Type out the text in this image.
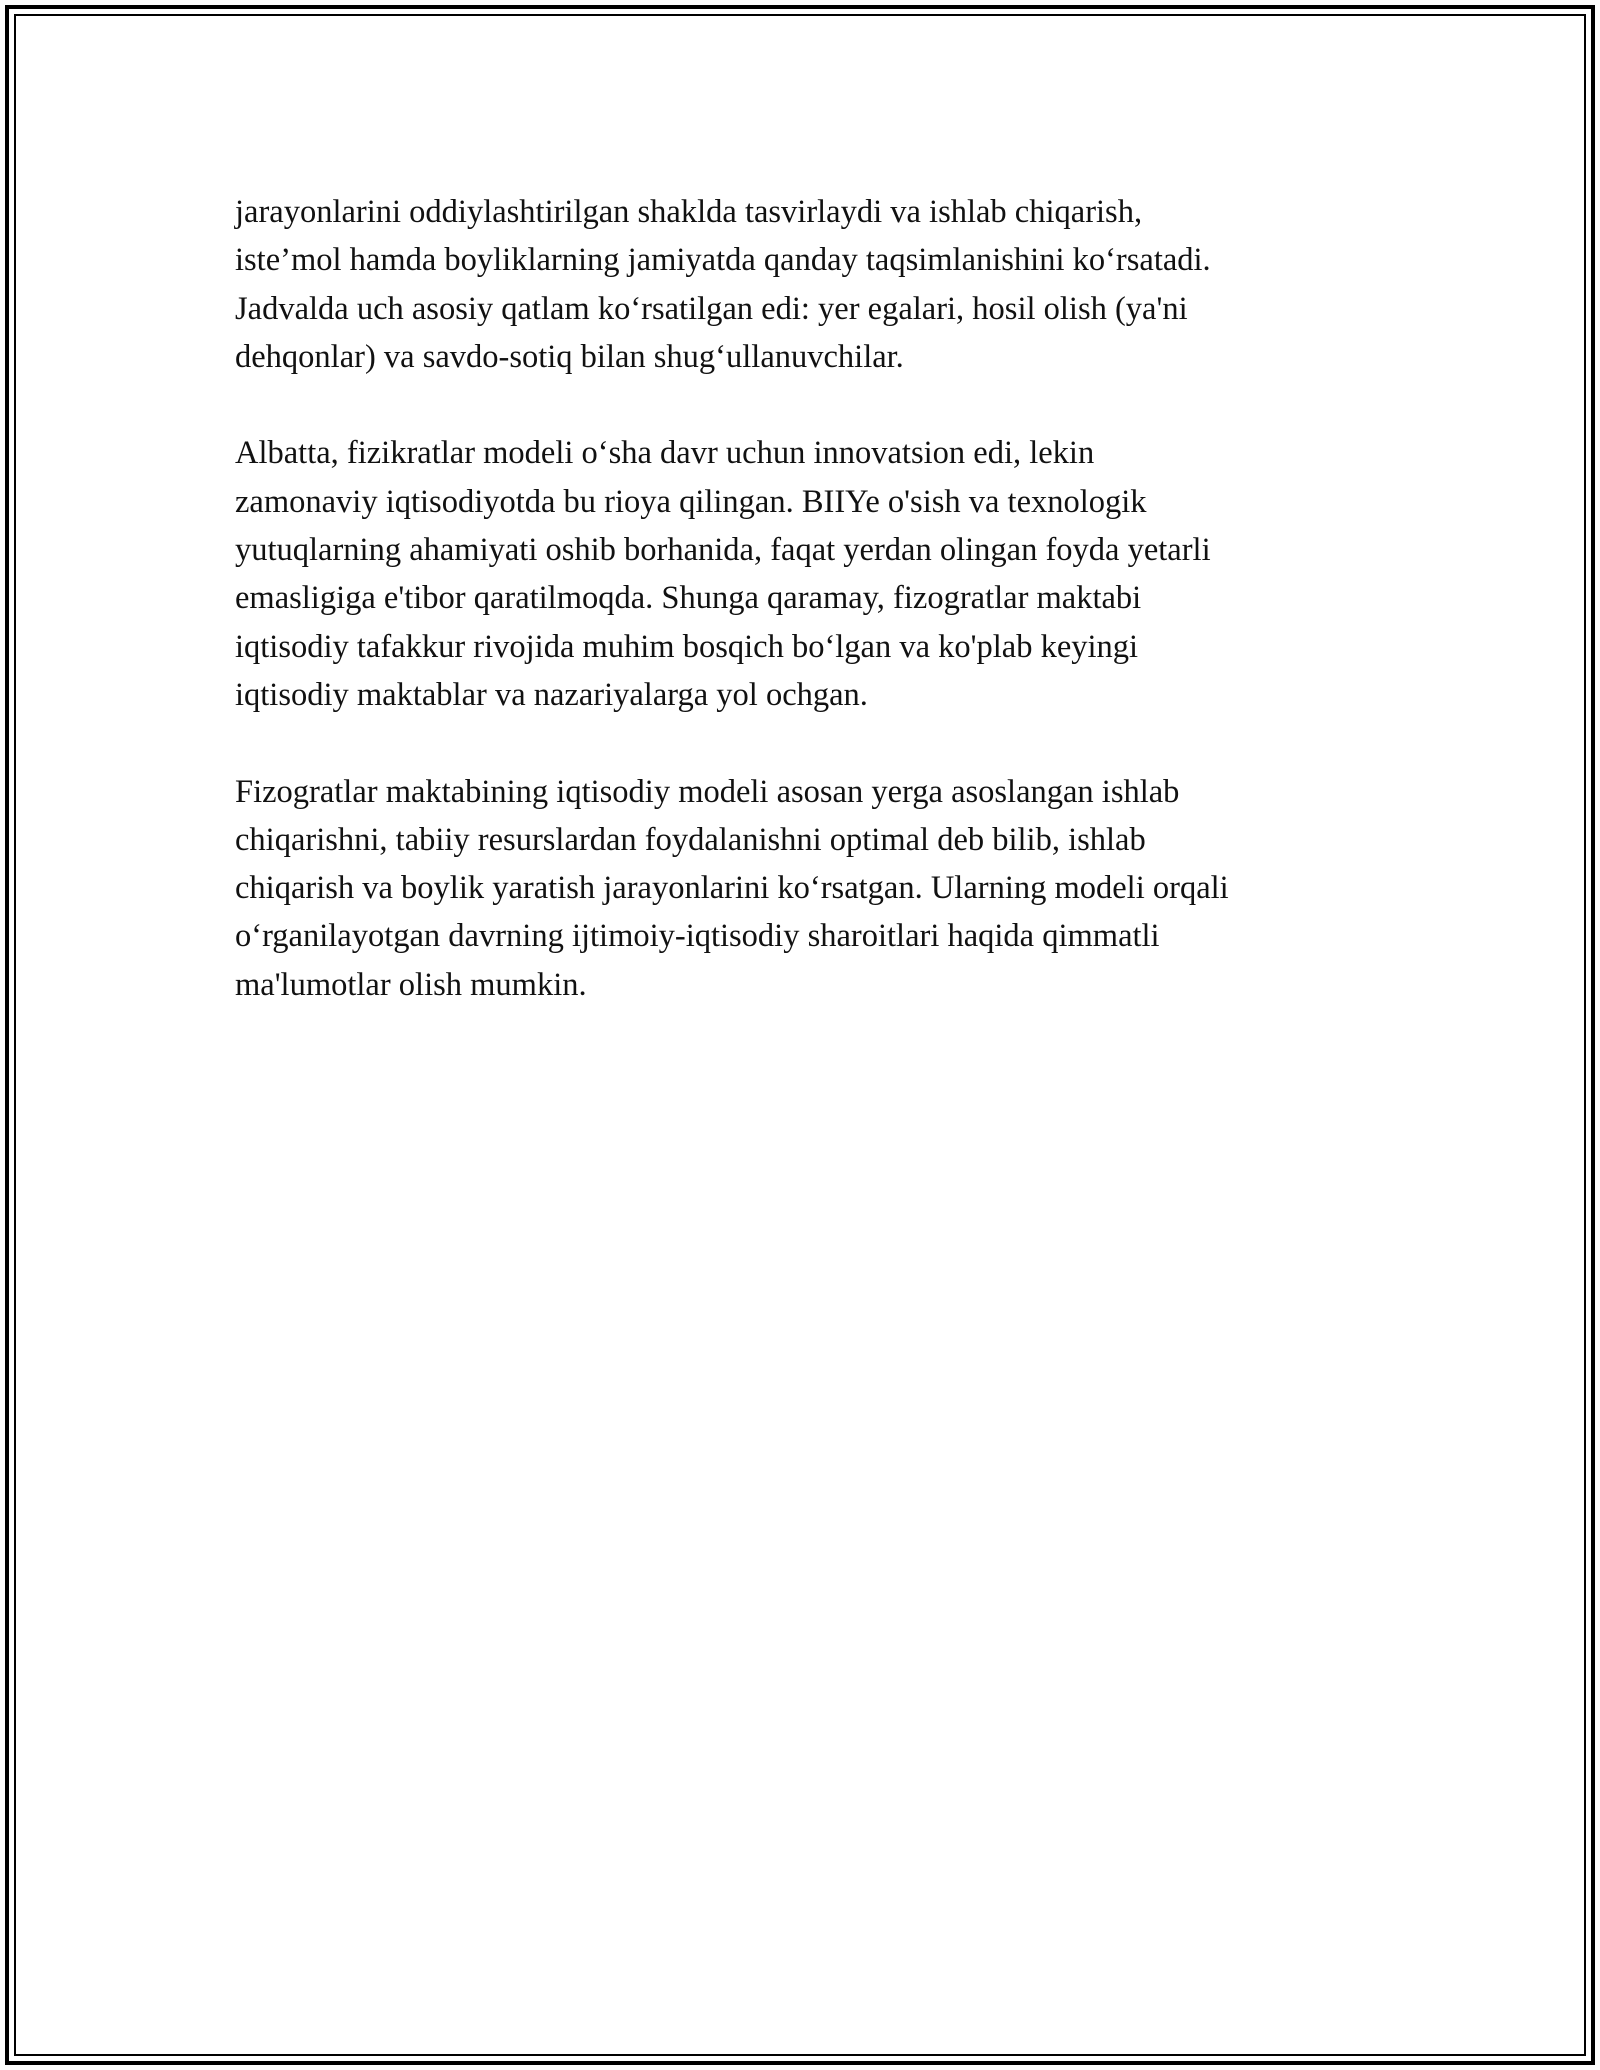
jarayonlarini oddiylashtirilgan shaklda tasvirlaydi va ishlab chiqarish,
iste’mol hamda boyliklarning jamiyatda qanday taqsimlanishini ko‘rsatadi.
Jadvalda uch asosiy qatlam ko‘rsatilgan edi: yer egalari, hosil olish (ya'ni
dehqonlar) va savdo-sotiq bilan shug‘ullanuvchilar.

Albatta, fizikratlar modeli o‘sha davr uchun innovatsion edi, lekin
zamonaviy iqtisodiyotda bu rioya qilingan. BIIYe o'sish va texnologik
yutuqlarning ahamiyati oshib borhanida, faqat yerdan olingan foyda yetarli
emasligiga e'tibor qaratilmoqda. Shunga qaramay, fizogratlar maktabi
iqtisodiy tafakkur rivojida muhim bosqich bo‘lgan va ko'plab keyingi
iqtisodiy maktablar va nazariyalarga yol ochgan.

Fizogratlar maktabining iqtisodiy modeli asosan yerga asoslangan ishlab
chiqarishni, tabiiy resurslardan foydalanishni optimal deb bilib, ishlab
chiqarish va boylik yaratish jarayonlarini ko‘rsatgan. Ularning modeli orqali
o‘rganilayotgan davrning ijtimoiy-iqtisodiy sharoitlari haqida qimmatli
ma'lumotlar olish mumkin.
